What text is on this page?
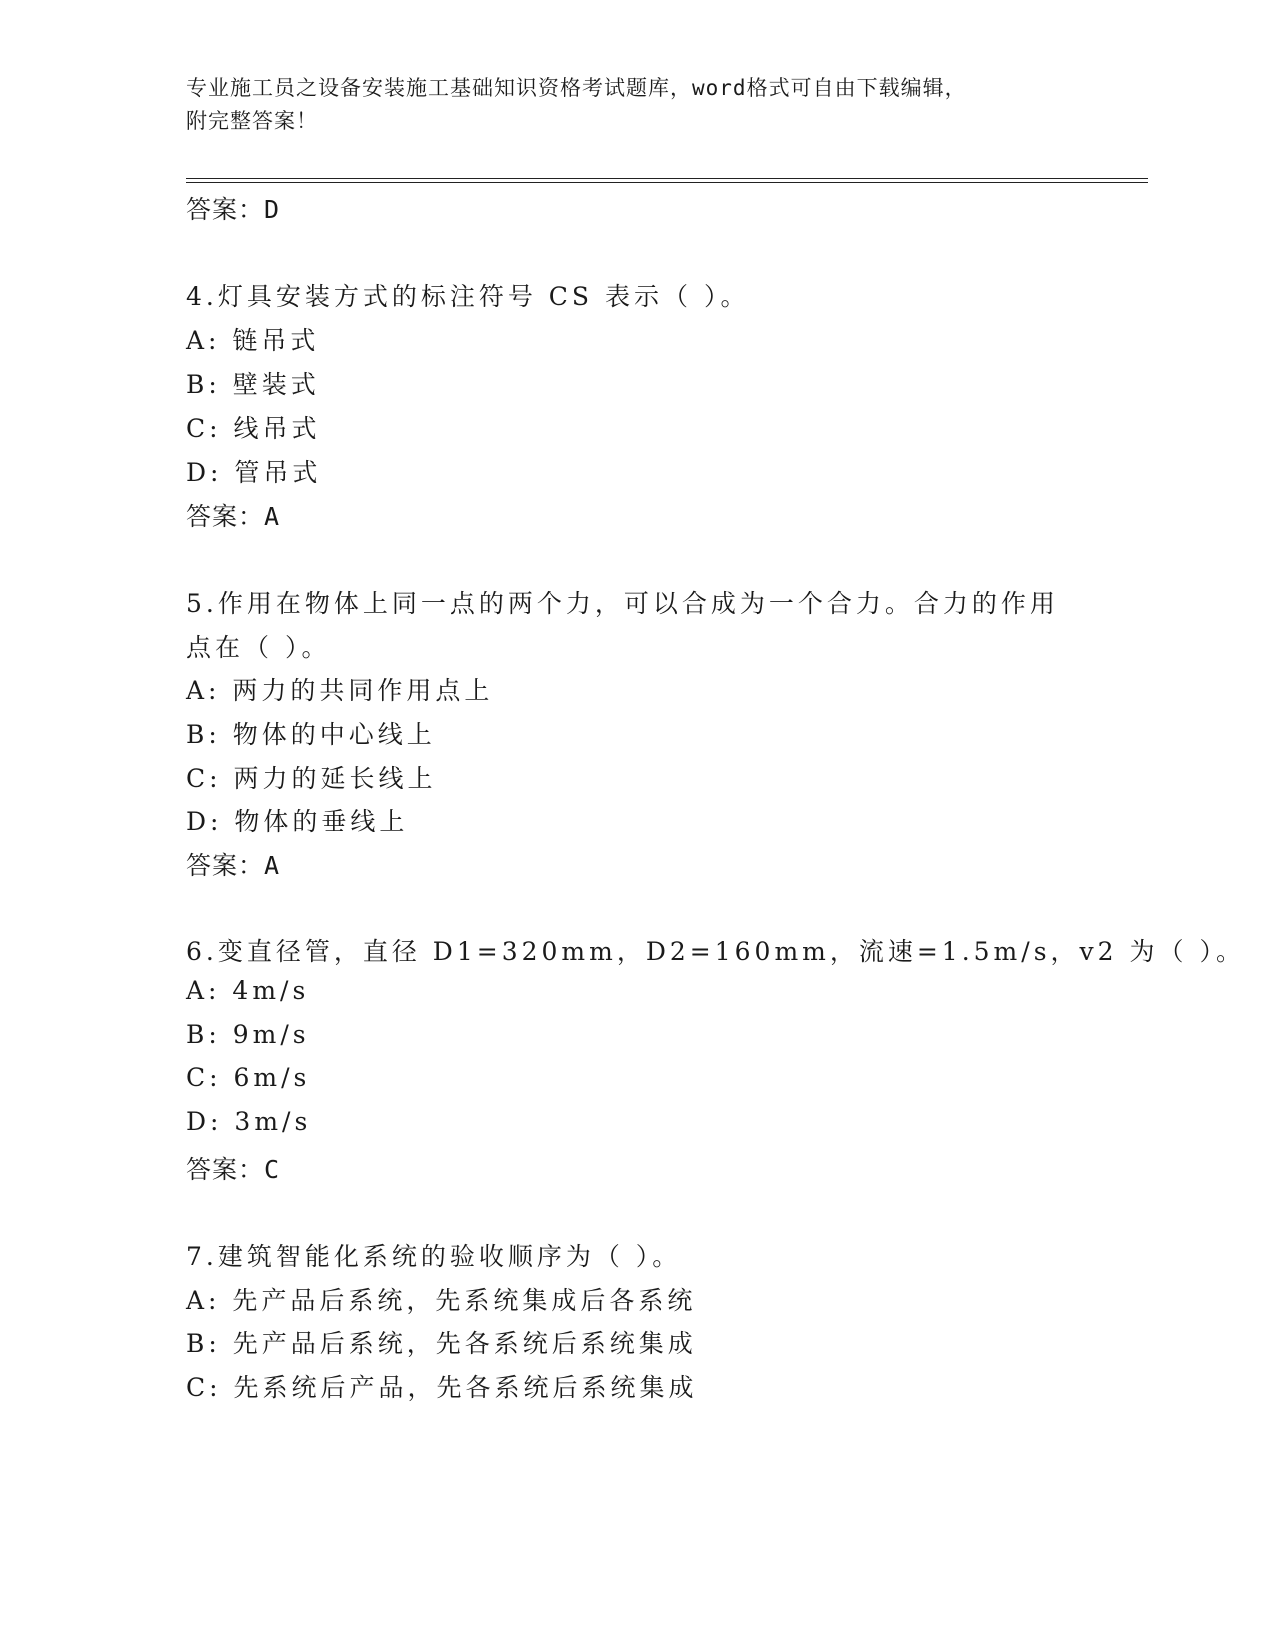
专业施工员之设备安装施工基础知识资格考试题库，word格式可自由下载编辑，
附完整答案！
答案：D
4.灯具安装方式的标注符号 CS 表示（ ）。
A: 链吊式
B: 壁装式
C: 线吊式
D: 管吊式
答案：A
5.作用在物体上同一点的两个力，可以合成为一个合力。合力的作用
点在（ ）。
A: 两力的共同作用点上
B: 物体的中心线上
C: 两力的延长线上
D: 物体的垂线上
答案：A
6.变直径管，直径 D1=320mm，D2=160mm，流速=1.5m/s，v2 为（ ）。
A: 4m/s
B: 9m/s
C: 6m/s
D: 3m/s
答案：C
7.建筑智能化系统的验收顺序为（ ）。
A: 先产品后系统，先系统集成后各系统
B: 先产品后系统，先各系统后系统集成
C: 先系统后产品，先各系统后系统集成
